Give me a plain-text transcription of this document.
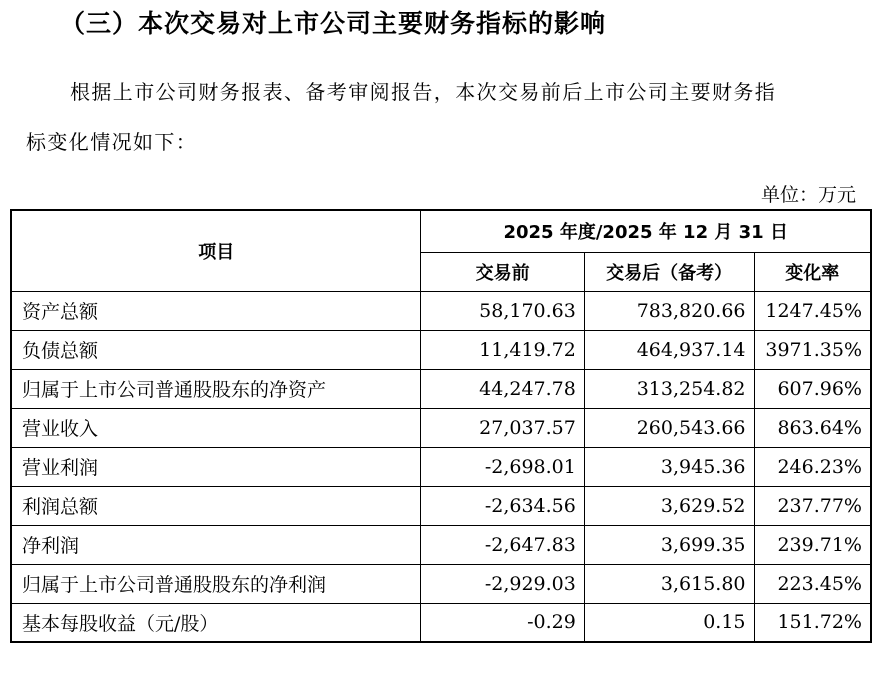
（三）本次交易对上市公司主要财务指标的影响
根据上市公司财务报表、备考审阅报告，本次交易前后上市公司主要财务指
标变化情况如下：
单位：万元
项目	2025 年度/2025 年 12 月 31 日		
	交易前	交易后（备考）	变化率
资产总额	58,170.63	783,820.66	1247.45%
负债总额	11,419.72	464,937.14	3971.35%
归属于上市公司普通股股东的净资产	44,247.78	313,254.82	607.96%
营业收入	27,037.57	260,543.66	863.64%
营业利润	-2,698.01	3,945.36	246.23%
利润总额	-2,634.56	3,629.52	237.77%
净利润	-2,647.83	3,699.35	239.71%
归属于上市公司普通股股东的净利润	-2,929.03	3,615.80	223.45%
基本每股收益（元/股）	-0.29	0.15	151.72%
